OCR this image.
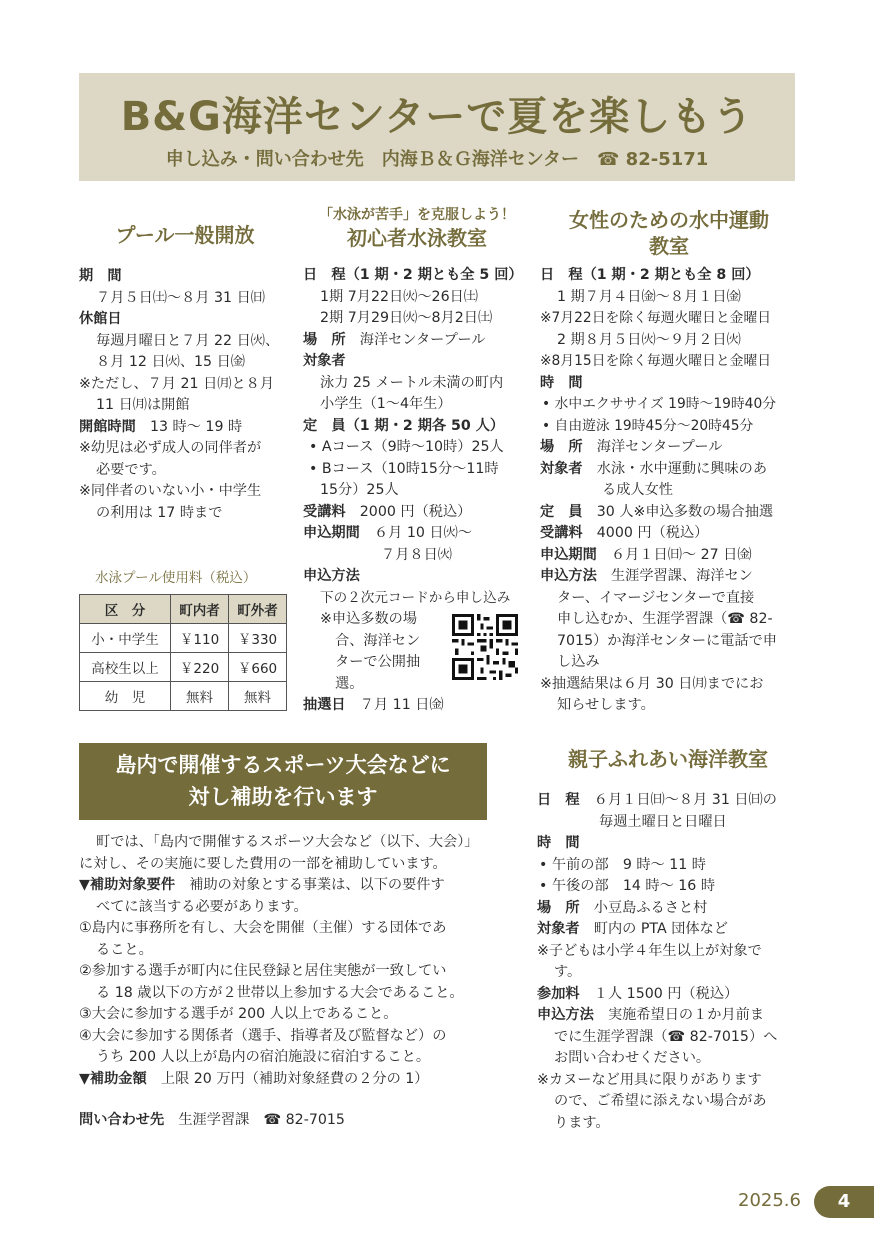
B&G海洋センターで夏を楽しもう
申し込み・問い合わせ先　内海Ｂ＆Ｇ海洋センター　☎ 82-5171
プール一般開放

期　間

７月５日㈯～８月 31 日㈰

休館日

毎週月曜日と７月 22 日㈫、

８月 12 日㈫、15 日㈮

※ただし、７月 21 日㈪と８月

11 日㈪は開館

開館時間　 13 時～ 19 時

※幼児は必ず成人の同伴者が

必要です。

※同伴者のいない小・中学生

の利用は 17 時まで

水泳プール使用料（税込）
区　分	町内者	町外者
小・中学生	￥110	￥330
高校生以上	￥220	￥660
幼　児	無料	無料
「水泳が苦手」を克服しよう！
初心者水泳教室

日　程（1 期・2 期とも全 5 回）

1期 7月22日㈫～26日㈯

2期 7月29日㈫～8月2日㈯

場　所　 海洋センタープール

対象者

泳力 25 メートル未満の町内

小学生（1～4年生）

定　員（1 期・2 期各 50 人）

• Aコース（9時～10時）25人

• Bコース（10時15分～11時

15分）25人

受講料　 2000 円（税込）

申込期間　 ６月 10 日㈫～

７月８日㈫

申込方法

下の２次元コードから申し込み

※申込多数の場

合、海洋セン

ターで公開抽

選。

抽選日　 ７月 11 日㈮

女性のための水中運動
教室

日　程（1 期・2 期とも全 8 回）

1 期７月４日㈮～８月１日㈮

※7月22日を除く毎週火曜日と金曜日

2 期８月５日㈫～９月２日㈫

※8月15日を除く毎週火曜日と金曜日

時　間

• 水中エクササイズ 19時～19時40分

• 自由遊泳 19時45分～20時45分

場　所　 海洋センタープール

対象者　 水泳・水中運動に興味のあ

る成人女性

定　員　 30 人※申込多数の場合抽選

受講料　 4000 円（税込）

申込期間　 ６月１日㈰～ 27 日㈮

申込方法　 生涯学習課、海洋セン

ター、イマージセンターで直接

申し込むか、生涯学習課（☎ 82-

7015）か海洋センターに電話で申

し込み

※抽選結果は６月 30 日㈪までにお

知らせします。

島内で開催するスポーツ大会などに
対し補助を行います

町では、「島内で開催するスポーツ大会など（以下、大会）」

に対し、その実施に要した費用の一部を補助しています。

▼補助対象要件　 補助の対象とする事業は、以下の要件す

べてに該当する必要があります。

①島内に事務所を有し、大会を開催（主催）する団体であ

ること。

②参加する選手が町内に住民登録と居住実態が一致してい

る 18 歳以下の方が２世帯以上参加する大会であること。

③大会に参加する選手が 200 人以上であること。

④大会に参加する関係者（選手、指導者及び監督など）の

うち 200 人以上が島内の宿泊施設に宿泊すること。

▼補助金額　 上限 20 万円（補助対象経費の２分の 1）

問い合わせ先　 生涯学習課　☎ 82-7015

親子ふれあい海洋教室

日　程　 ６月１日㈰～８月 31 日㈰の

毎週土曜日と日曜日

時　間

• 午前の部　9 時～ 11 時

• 午後の部　14 時～ 16 時

場　所　 小豆島ふるさと村

対象者　 町内の PTA 団体など

※子どもは小学４年生以上が対象で

す。

参加料　 １人 1500 円（税込）

申込方法　 実施希望日の１か月前ま

でに生涯学習課（☎ 82-7015）へ

お問い合わせください。

※カヌーなど用具に限りがあります

ので、ご希望に添えない場合があ

ります。

2025.6	4
